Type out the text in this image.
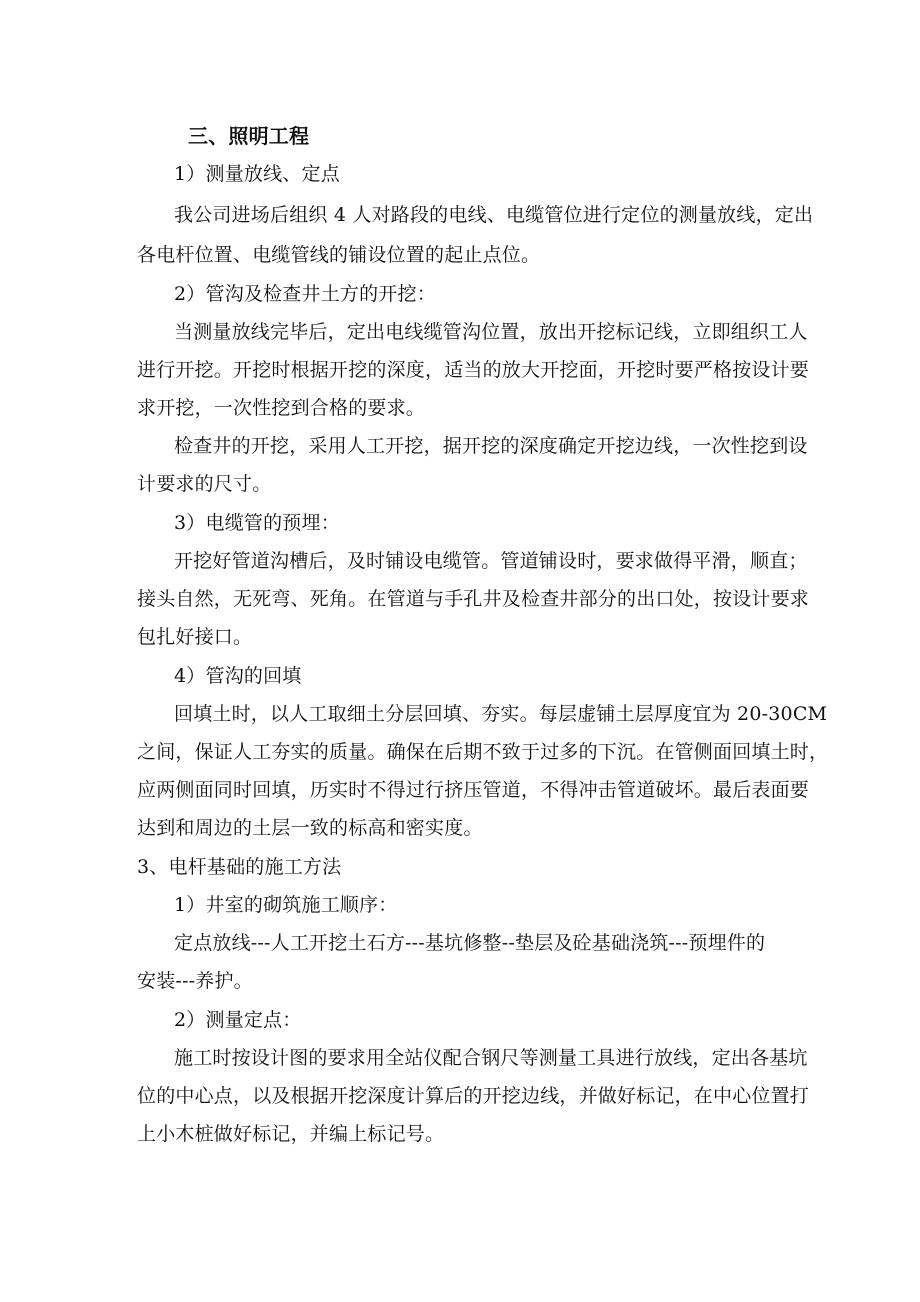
三、照明工程
1）测量放线、定点
我公司进场后组织 4 人对路段的电线、电缆管位进行定位的测量放线，定出
各电杆位置、电缆管线的铺设位置的起止点位。
2）管沟及检查井土方的开挖：
当测量放线完毕后，定出电线缆管沟位置，放出开挖标记线，立即组织工人
进行开挖。开挖时根据开挖的深度，适当的放大开挖面，开挖时要严格按设计要
求开挖，一次性挖到合格的要求。
检查井的开挖，采用人工开挖，据开挖的深度确定开挖边线，一次性挖到设
计要求的尺寸。
3）电缆管的预埋：
开挖好管道沟槽后，及时铺设电缆管。管道铺设时，要求做得平滑，顺直；
接头自然，无死弯、死角。在管道与手孔井及检查井部分的出口处，按设计要求
包扎好接口。
4）管沟的回填
回填土时，以人工取细土分层回填、夯实。每层虚铺土层厚度宜为 20-30CM
之间，保证人工夯实的质量。确保在后期不致于过多的下沉。在管侧面回填土时，
应两侧面同时回填，历实时不得过行挤压管道，不得冲击管道破坏。最后表面要
达到和周边的土层一致的标高和密实度。
3、电杆基础的施工方法
1）井室的砌筑施工顺序：
定点放线---人工开挖土石方---基坑修整--垫层及砼基础浇筑---预埋件的
安装---养护。
2）测量定点：
施工时按设计图的要求用全站仪配合钢尺等测量工具进行放线，定出各基坑
位的中心点，以及根据开挖深度计算后的开挖边线，并做好标记，在中心位置打
上小木桩做好标记，并编上标记号。
